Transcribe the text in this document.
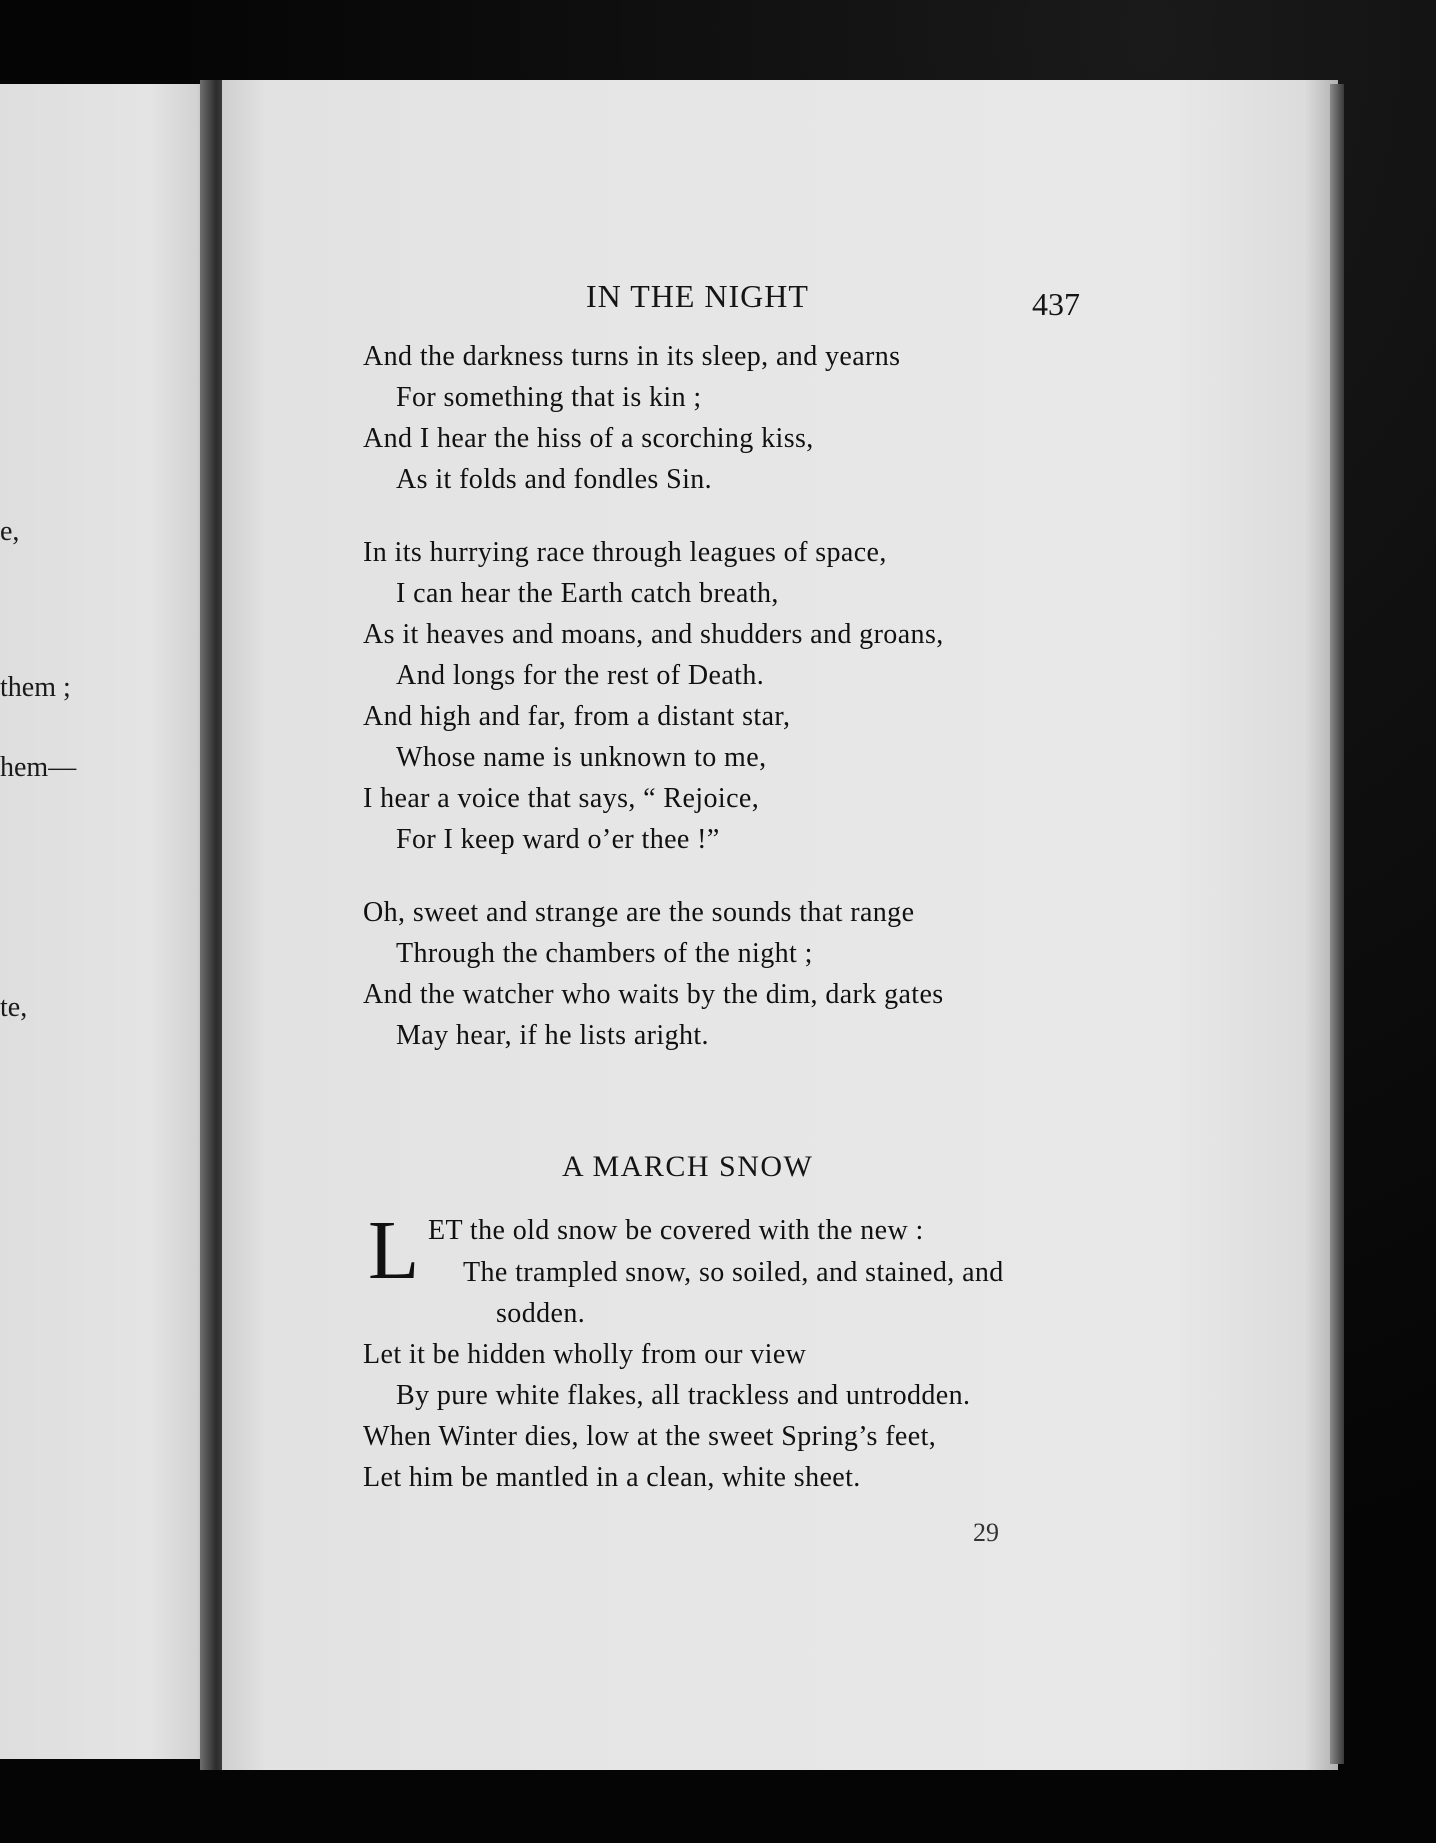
e,
them ;
hem—
te,
IN THE NIGHT	437
And the darkness turns in its sleep, and yearns
For something that is kin ;
And I hear the hiss of a scorching kiss,
As it folds and fondles Sin.
In its hurrying race through leagues of space,
I can hear the Earth catch breath,
As it heaves and moans, and shudders and groans,
And longs for the rest of Death.
And high and far, from a distant star,
Whose name is unknown to me,
I hear a voice that says, “ Rejoice,
For I keep ward o’er thee !”
Oh, sweet and strange are the sounds that range
Through the chambers of the night ;
And the watcher who waits by the dim, dark gates
May hear, if he lists aright.
A MARCH SNOW
L ET the old snow be covered with the new :
The trampled snow, so soiled, and stained, and
sodden.
Let it be hidden wholly from our view
By pure white flakes, all trackless and untrodden.
When Winter dies, low at the sweet Spring’s feet,
Let him be mantled in a clean, white sheet.
29
